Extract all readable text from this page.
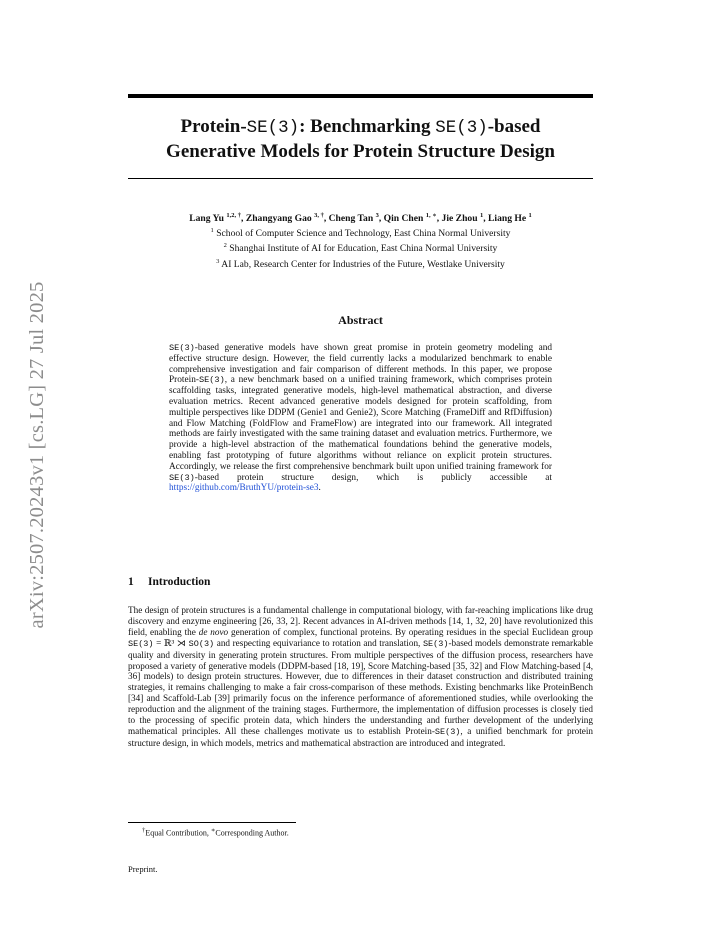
arXiv:2507.20243v1 [cs.LG] 27 Jul 2025
Protein-SE(3): Benchmarking SE(3)-based
Generative Models for Protein Structure Design
Lang Yu $^{1,2, \dagger}$, Zhangyang Gao $^{3, \dagger}$, Cheng Tan $^3$, Qin Chen $^{1, ∗}$, Jie Zhou $^1$, Liang He $^1$
$^1$ School of Computer Science and Technology, East China Normal University
$^2$ Shanghai Institute of AI for Education, East China Normal University
$^3$ AI Lab, Research Center for Industries of the Future, Westlake University
Abstract

SE(3)-based generative models have shown great promise in protein geometry modeling and effective structure design. However, the field currently lacks a modularized benchmark to enable comprehensive investigation and fair comparison of different methods. In this paper, we propose Protein-SE(3), a new benchmark based on a unified training framework, which comprises protein scaffolding tasks, integrated generative models, high-level mathematical abstraction, and diverse evaluation metrics. Recent advanced generative models designed for protein scaffolding, from multiple perspectives like DDPM (Genie1 and Genie2), Score Matching (FrameDiff and RfDiffusion) and Flow Matching (FoldFlow and FrameFlow) are integrated into our framework. All integrated methods are fairly investigated with the same training dataset and evaluation metrics. Furthermore, we provide a high-level abstraction of the mathematical foundations behind the generative models, enabling fast prototyping of future algorithms without reliance on explicit protein structures. Accordingly, we release the first comprehensive benchmark built upon unified training framework for SE(3)-based protein structure design, which is publicly accessible at https://github.com/BruthYU/protein-se3.

1 Introduction

The design of protein structures is a fundamental challenge in computational biology, with far-reaching implications like drug discovery and enzyme engineering [26, 33, 2]. Recent advances in AI-driven methods [14, 1, 32, 20] have revolutionized this field, enabling the de novo generation of complex, functional proteins. By operating residues in the special Euclidean group SE(3) = ℝ³ ⋊ SO(3) and respecting equivariance to rotation and translation, SE(3)-based models demonstrate remarkable quality and diversity in generating protein structures. From multiple perspectives of the diffusion process, researchers have proposed a variety of generative models (DDPM-based [18, 19], Score Matching-based [35, 32] and Flow Matching-based [4, 36] models) to design protein structures. However, due to differences in their dataset construction and distributed training strategies, it remains challenging to make a fair cross-comparison of these methods. Existing benchmarks like ProteinBench [34] and Scaffold-Lab [39] primarily focus on the inference performance of aforementioned studies, while overlooking the reproduction and the alignment of the training stages. Furthermore, the implementation of diffusion processes is closely tied to the processing of specific protein data, which hinders the understanding and further development of the underlying mathematical principles. All these challenges motivate us to establish Protein-SE(3), a unified benchmark for protein structure design, in which models, metrics and mathematical abstraction are introduced and integrated.

†Equal Contribution, ∗Corresponding Author.
Preprint.
